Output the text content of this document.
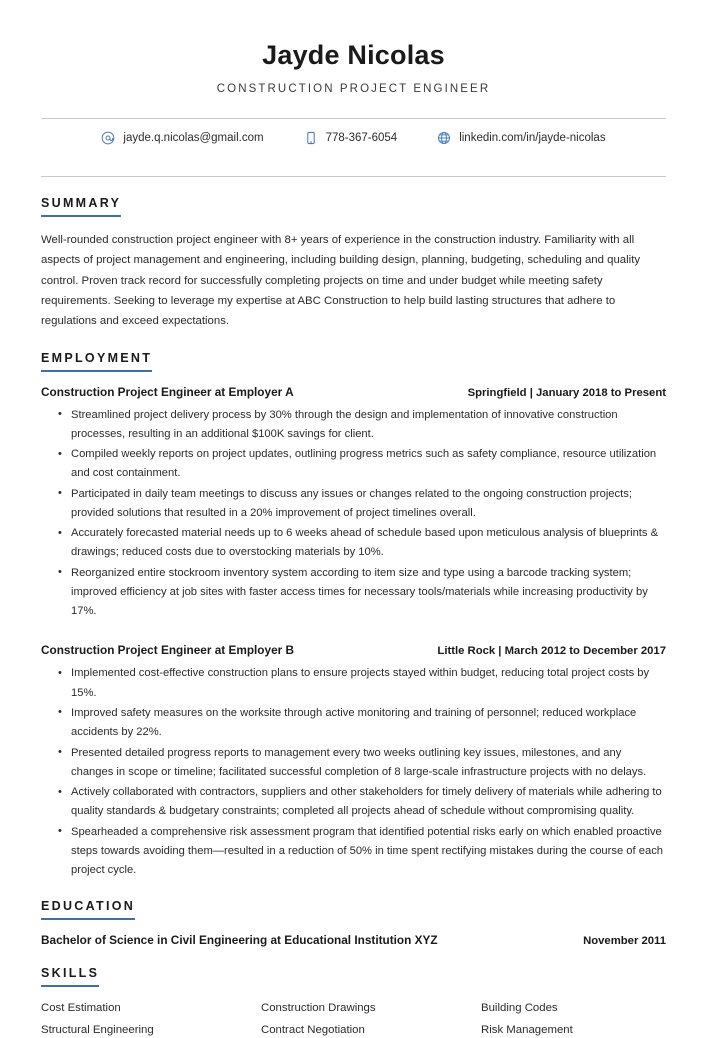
Jayde Nicolas
CONSTRUCTION PROJECT ENGINEER
jayde.q.nicolas@gmail.com	778-367-6054	linkedin.com/in/jayde-nicolas
SUMMARY
Well-rounded construction project engineer with 8+ years of experience in the construction industry. Familiarity with all aspects of project management and engineering, including building design, planning, budgeting, scheduling and quality control. Proven track record for successfully completing projects on time and under budget while meeting safety requirements. Seeking to leverage my expertise at ABC Construction to help build lasting structures that adhere to regulations and exceed expectations.
EMPLOYMENT
Construction Project Engineer at Employer A	Springfield | January 2018 to Present
• Streamlined project delivery process by 30% through the design and implementation of innovative construction processes, resulting in an additional $100K savings for client.
• Compiled weekly reports on project updates, outlining progress metrics such as safety compliance, resource utilization and cost containment.
• Participated in daily team meetings to discuss any issues or changes related to the ongoing construction projects; provided solutions that resulted in a 20% improvement of project timelines overall.
• Accurately forecasted material needs up to 6 weeks ahead of schedule based upon meticulous analysis of blueprints & drawings; reduced costs due to overstocking materials by 10%.
• Reorganized entire stockroom inventory system according to item size and type using a barcode tracking system; improved efficiency at job sites with faster access times for necessary tools/materials while increasing productivity by 17%.
Construction Project Engineer at Employer B	Little Rock | March 2012 to December 2017
• Implemented cost-effective construction plans to ensure projects stayed within budget, reducing total project costs by 15%.
• Improved safety measures on the worksite through active monitoring and training of personnel; reduced workplace accidents by 22%.
• Presented detailed progress reports to management every two weeks outlining key issues, milestones, and any changes in scope or timeline; facilitated successful completion of 8 large-scale infrastructure projects with no delays.
• Actively collaborated with contractors, suppliers and other stakeholders for timely delivery of materials while adhering to quality standards & budgetary constraints; completed all projects ahead of schedule without compromising quality.
• Spearheaded a comprehensive risk assessment program that identified potential risks early on which enabled proactive steps towards avoiding them—resulted in a reduction of 50% in time spent rectifying mistakes during the course of each project cycle.
EDUCATION
Bachelor of Science in Civil Engineering at Educational Institution XYZ	November 2011
SKILLS
Cost Estimation	Construction Drawings	Building Codes
Structural Engineering	Contract Negotiation	Risk Management
